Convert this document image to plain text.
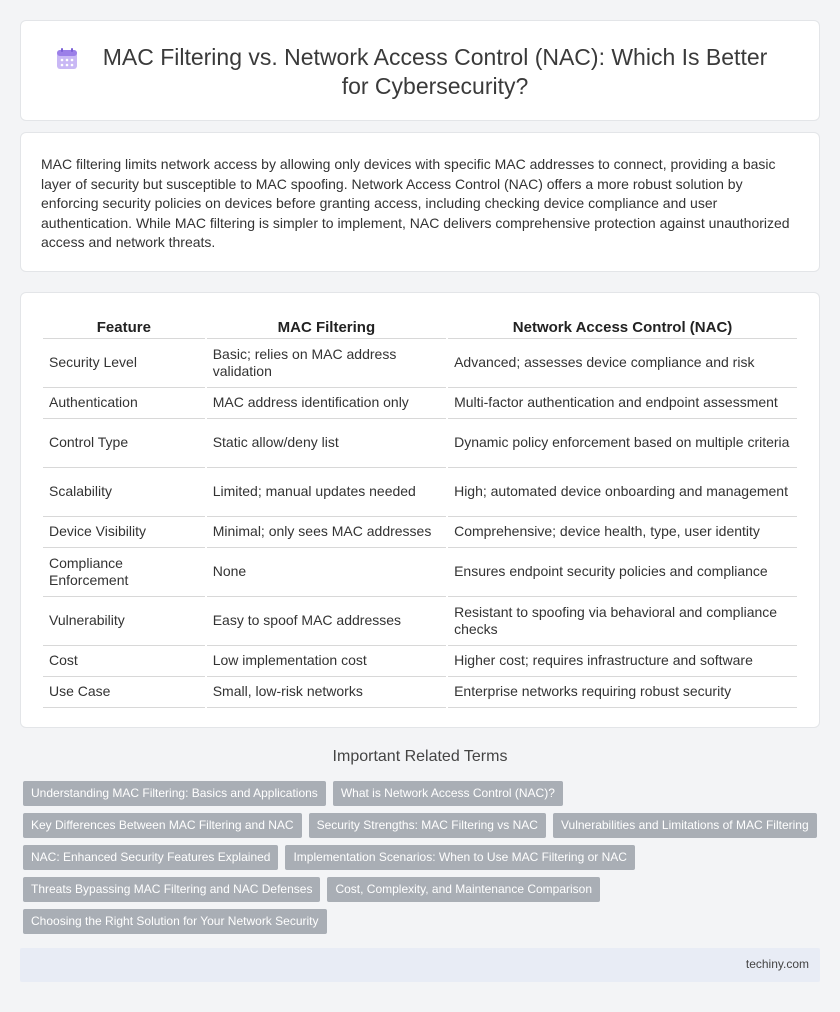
MAC Filtering vs. Network Access Control (NAC): Which Is Better for Cybersecurity?

MAC filtering limits network access by allowing only devices with specific MAC addresses to connect, providing a basic layer of security but susceptible to MAC spoofing. Network Access Control (NAC) offers a more robust solution by enforcing security policies on devices before granting access, including checking device compliance and user authentication. While MAC filtering is simpler to implement, NAC delivers comprehensive protection against unauthorized access and network threats.

Feature	MAC Filtering	Network Access Control (NAC)
Security Level	Basic; relies on MAC address validation	Advanced; assesses device compliance and risk
Authentication	MAC address identification only	Multi-factor authentication and endpoint assessment
Control Type	Static allow/deny list	Dynamic policy enforcement based on multiple criteria
Scalability	Limited; manual updates needed	High; automated device onboarding and management
Device Visibility	Minimal; only sees MAC addresses	Comprehensive; device health, type, user identity
Compliance Enforcement	None	Ensures endpoint security policies and compliance
Vulnerability	Easy to spoof MAC addresses	Resistant to spoofing via behavioral and compliance checks
Cost	Low implementation cost	Higher cost; requires infrastructure and software
Use Case	Small, low-risk networks	Enterprise networks requiring robust security
Important Related Terms
Understanding MAC Filtering: Basics and Applications	What is Network Access Control (NAC)?
Key Differences Between MAC Filtering and NAC	Security Strengths: MAC Filtering vs NAC	Vulnerabilities and Limitations of MAC Filtering
NAC: Enhanced Security Features Explained	Implementation Scenarios: When to Use MAC Filtering or NAC
Threats Bypassing MAC Filtering and NAC Defenses	Cost, Complexity, and Maintenance Comparison
Choosing the Right Solution for Your Network Security
techiny.com
